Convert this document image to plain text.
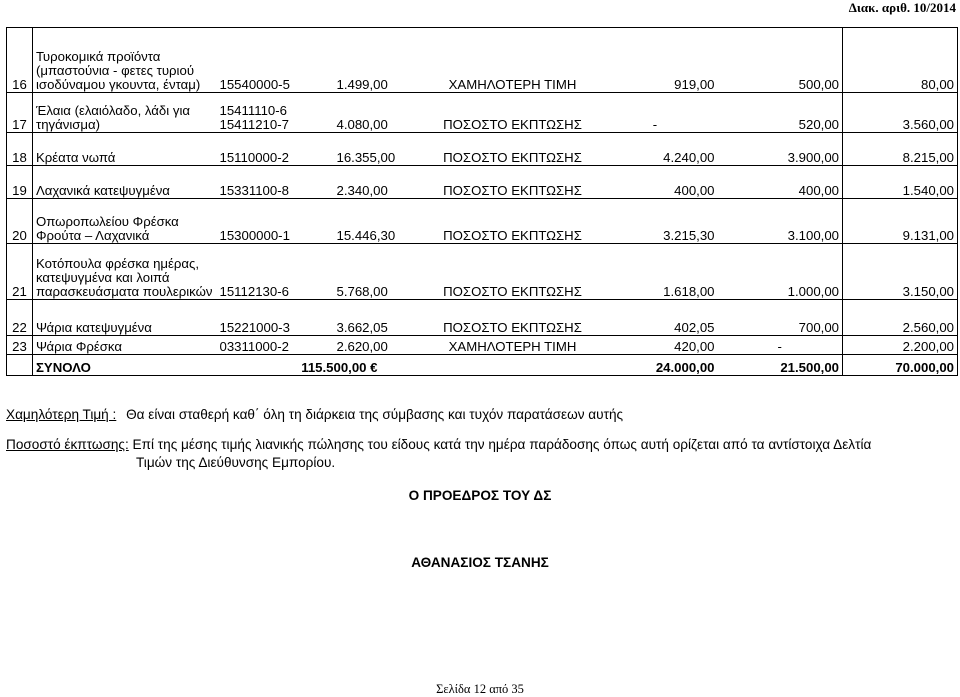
Διακ. αριθ. 10/2014
16	Τυροκομικά προϊόντα (μπαστούνια - φετες τυριού ισοδύναμου γκουντα, ένταμ)	15540000-5	1.499,00	ΧΑΜΗΛΟΤΕΡΗ ΤΙΜΗ	919,00	500,00	80,00
17	Έλαια (ελαιόλαδο, λάδι για τηγάνισμα)	15411110-6 15411210-7	4.080,00	ΠΟΣΟΣΤΟ ΕΚΠΤΩΣΗΣ	-	520,00	3.560,00
18	Κρέατα νωπά	15110000-2	16.355,00	ΠΟΣΟΣΤΟ ΕΚΠΤΩΣΗΣ	4.240,00	3.900,00	8.215,00
19	Λαχανικά κατεψυγμένα	15331100-8	2.340,00	ΠΟΣΟΣΤΟ ΕΚΠΤΩΣΗΣ	400,00	400,00	1.540,00
20	Οπωροπωλείου Φρέσκα Φρούτα – Λαχανικά	15300000-1	15.446,30	ΠΟΣΟΣΤΟ ΕΚΠΤΩΣΗΣ	3.215,30	3.100,00	9.131,00
21	Κοτόπουλα φρέσκα ημέρας, κατεψυγμένα και λοιπά παρασκευάσματα πουλερικών	15112130-6	5.768,00	ΠΟΣΟΣΤΟ ΕΚΠΤΩΣΗΣ	1.618,00	1.000,00	3.150,00
22	Ψάρια κατεψυγμένα	15221000-3	3.662,05	ΠΟΣΟΣΤΟ ΕΚΠΤΩΣΗΣ	402,05	700,00	2.560,00
23	Ψάρια Φρέσκα	03311000-2	2.620,00	ΧΑΜΗΛΟΤΕΡΗ ΤΙΜΗ	420,00	-	2.200,00
	ΣΥΝΟΛΟ	115.500,00 €			24.000,00	21.500,00	70.000,00
Χαμηλότερη Τιμή : Θα είναι σταθερή καθ΄ όλη τη διάρκεια της σύμβασης και τυχόν παρατάσεων αυτής
Ποσοστό έκπτωσης: Επί της μέσης τιμής λιανικής πώλησης του είδους κατά την ημέρα παράδοσης όπως αυτή ορίζεται από τα αντίστοιχα Δελτία
Τιμών της Διεύθυνσης Εμπορίου.
Ο ΠΡΟΕΔΡΟΣ ΤΟΥ ΔΣ
ΑΘΑΝΑΣΙΟΣ ΤΣΑΝΗΣ
Σελίδα 12 από 35
